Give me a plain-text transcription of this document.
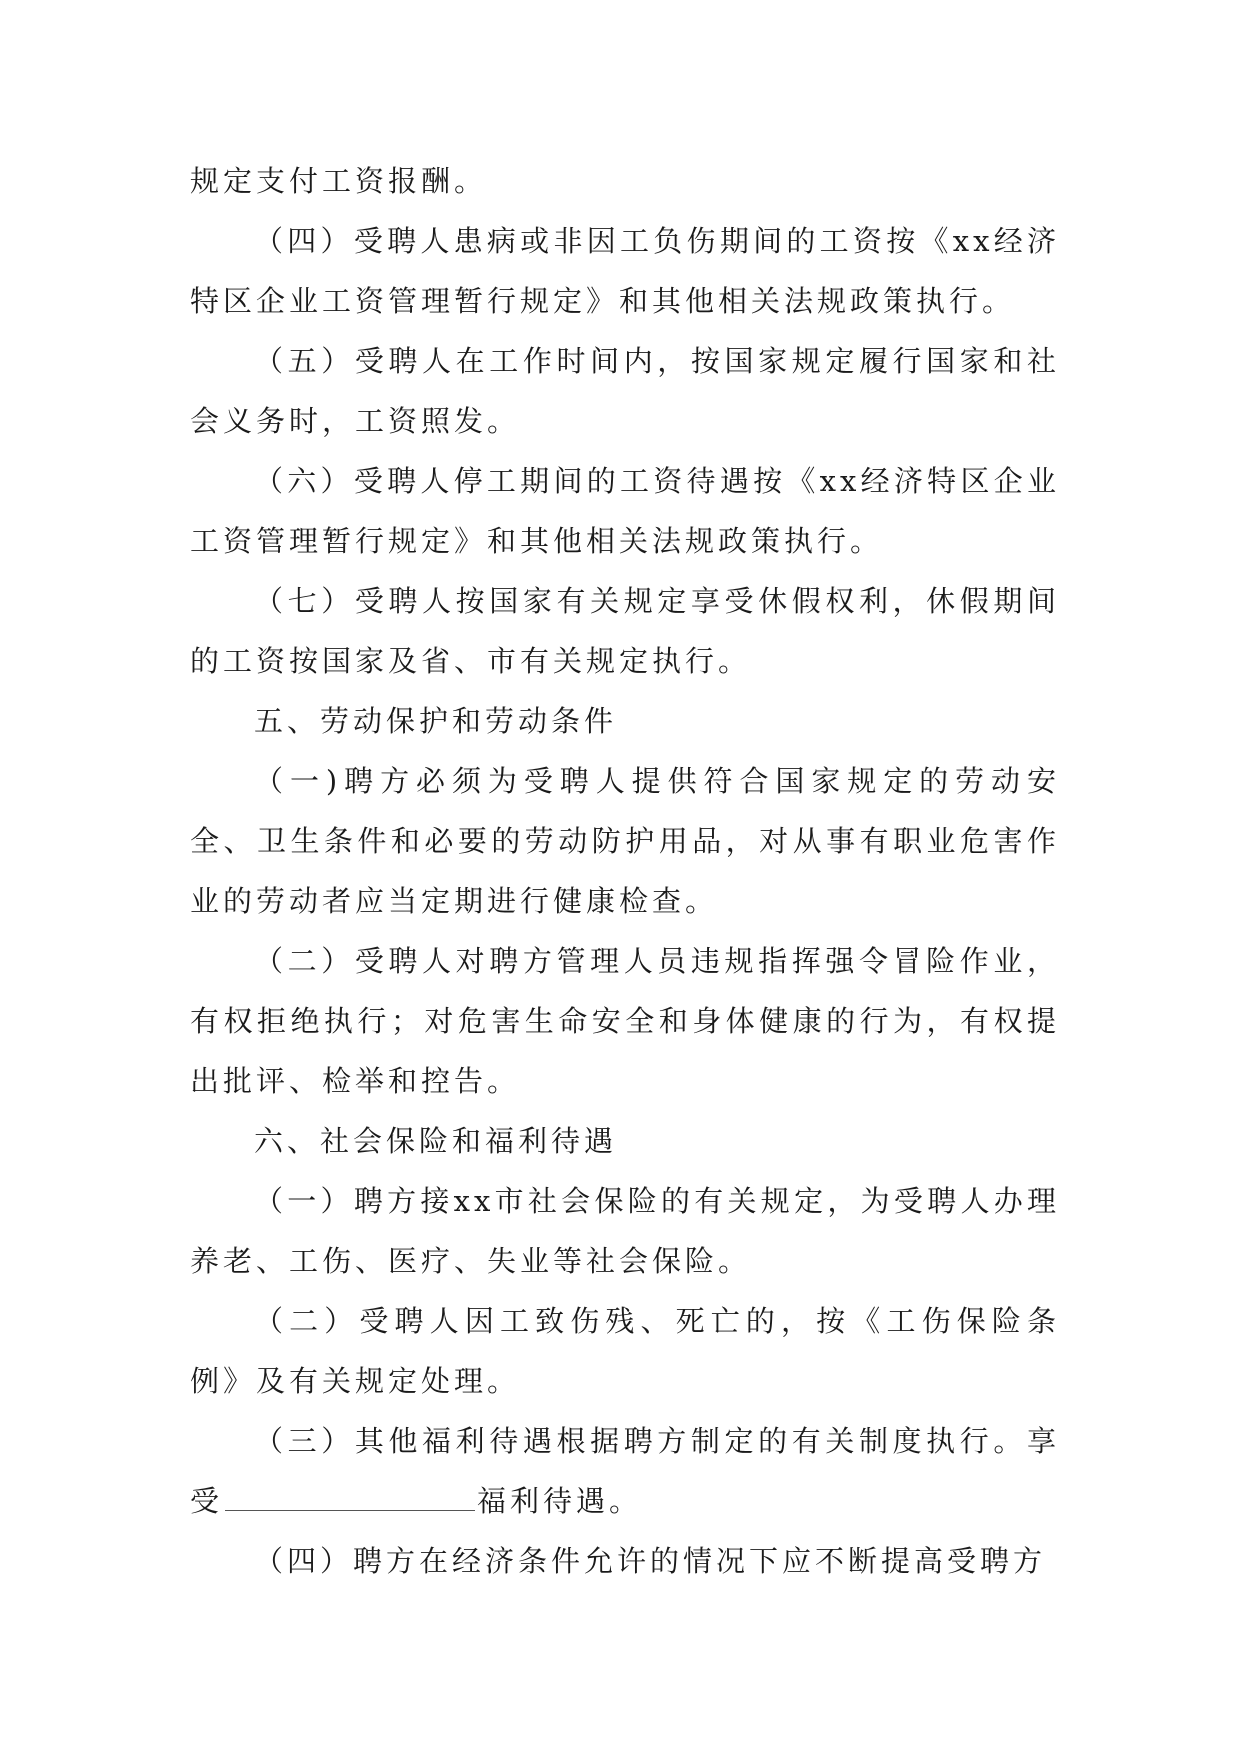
规定支付工资报酬。

（四）受聘人患病或非因工负伤期间的工资按《xx经济特区企业工资管理暂行规定》和其他相关法规政策执行。

（五）受聘人在工作时间内，按国家规定履行国家和社会义务时，工资照发。

（六）受聘人停工期间的工资待遇按《xx经济特区企业工资管理暂行规定》和其他相关法规政策执行。

（七）受聘人按国家有关规定享受休假权利，休假期间的工资按国家及省、市有关规定执行。

五、劳动保护和劳动条件

（一)聘方必须为受聘人提供符合国家规定的劳动安全、卫生条件和必要的劳动防护用品，对从事有职业危害作业的劳动者应当定期进行健康检查。

（二）受聘人对聘方管理人员违规指挥强令冒险作业，有权拒绝执行；对危害生命安全和身体健康的行为，有权提出批评、检举和控告。

六、社会保险和福利待遇

（一）聘方接xx市社会保险的有关规定，为受聘人办理养老、工伤、医疗、失业等社会保险。

（二）受聘人因工致伤残、死亡的，按《工伤保险条例》及有关规定处理。

（三）其他福利待遇根据聘方制定的有关制度执行。享受	福利待遇。

（四）聘方在经济条件允许的情况下应不断提高受聘方
